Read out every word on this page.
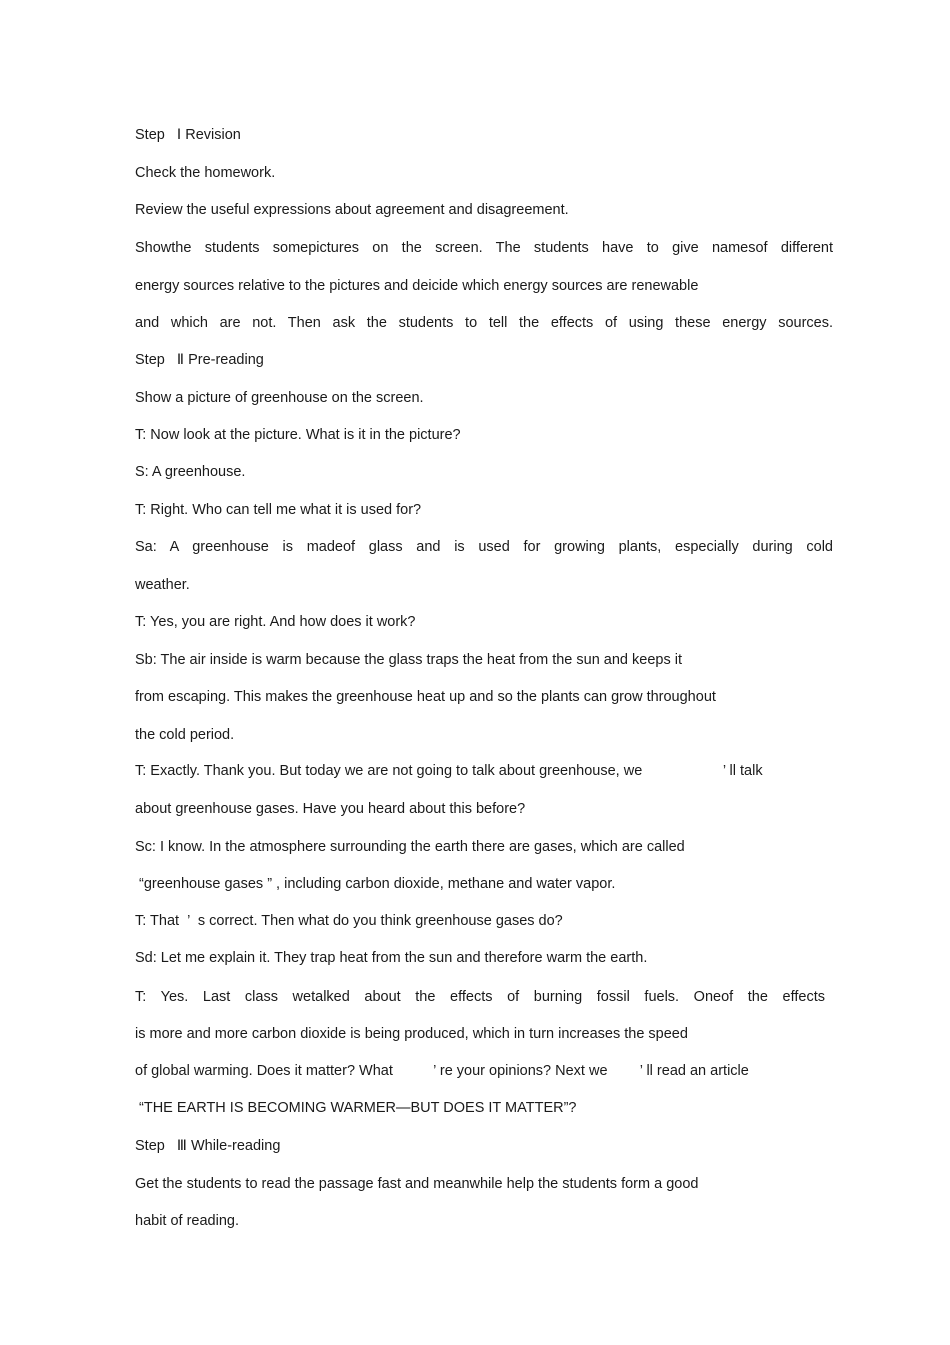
Step   Ⅰ Revision
Check the homework.
Review the useful expressions about agreement and disagreement.
Showthe students somepictures on the screen. The students have to give namesof different
energy sources relative to the pictures and deicide which energy sources are renewable
and which are not. Then ask the students to tell the effects of using these energy sources.
Step   Ⅱ Pre-reading
Show a picture of greenhouse on the screen.
T: Now look at the picture. What is it in the picture?
S: A greenhouse.
T: Right. Who can tell me what it is used for?
Sa: A greenhouse is madeof glass and is used for growing plants, especially during cold
weather.
T: Yes, you are right. And how does it work?
Sb: The air inside is warm because the glass traps the heat from the sun and keeps it
from escaping. This makes the greenhouse heat up and so the plants can grow throughout
the cold period.
T: Exactly. Thank you. But today we are not going to talk about greenhouse, we                    ’ ll talk
about greenhouse gases. Have you heard about this before?
Sc: I know. In the atmosphere surrounding the earth there are gases, which are called
“greenhouse gases ” , including carbon dioxide, methane and water vapor.
T: That  ’  s correct. Then what do you think greenhouse gases do?
Sd: Let me explain it. They trap heat from the sun and therefore warm the earth.
T: Yes. Last class wetalked about the effects of burning fossil fuels. Oneof the effects
is more and more carbon dioxide is being produced, which in turn increases the speed
of global warming. Does it matter? What          ’ re your opinions? Next we        ’ ll read an article
“THE EARTH IS BECOMING WARMER—BUT DOES IT MATTER”?
Step   Ⅲ While-reading
Get the students to read the passage fast and meanwhile help the students form a good
habit of reading.
